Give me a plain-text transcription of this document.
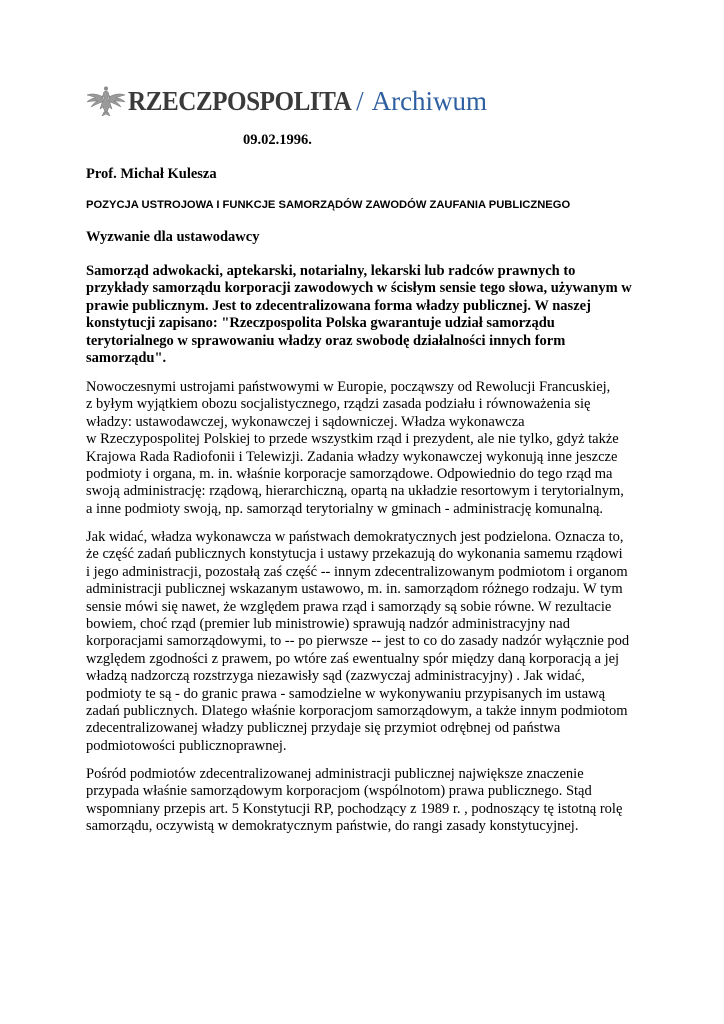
RZECZPOSPOLITA / Archiwum
09.02.1996.
Prof. Michał Kulesza
POZYCJA USTROJOWA I FUNKCJE SAMORZĄDÓW ZAWODÓW ZAUFANIA PUBLICZNEGO
Wyzwanie dla ustawodawcy
Samorząd adwokacki, aptekarski, notarialny, lekarski lub radców prawnych to
przykłady samorządu korporacji zawodowych w ścisłym sensie tego słowa, używanym w
prawie publicznym. Jest to zdecentralizowana forma władzy publicznej. W naszej
konstytucji zapisano: "Rzeczpospolita Polska gwarantuje udział samorządu
terytorialnego w sprawowaniu władzy oraz swobodę działalności innych form
samorządu".
Nowoczesnymi ustrojami państwowymi w Europie, począwszy od Rewolucji Francuskiej,
z byłym wyjątkiem obozu socjalistycznego, rządzi zasada podziału i równoważenia się
władzy: ustawodawczej, wykonawczej i sądowniczej. Władza wykonawcza
w Rzeczypospolitej Polskiej to przede wszystkim rząd i prezydent, ale nie tylko, gdyż także
Krajowa Rada Radiofonii i Telewizji. Zadania władzy wykonawczej wykonują inne jeszcze
podmioty i organa, m. in. właśnie korporacje samorządowe. Odpowiednio do tego rząd ma
swoją administrację: rządową, hierarchiczną, opartą na układzie resortowym i terytorialnym,
a inne podmioty swoją, np. samorząd terytorialny w gminach - administrację komunalną.
Jak widać, władza wykonawcza w państwach demokratycznych jest podzielona. Oznacza to,
że część zadań publicznych konstytucja i ustawy przekazują do wykonania samemu rządowi
i jego administracji, pozostałą zaś część -- innym zdecentralizowanym podmiotom i organom
administracji publicznej wskazanym ustawowo, m. in. samorządom różnego rodzaju. W tym
sensie mówi się nawet, że względem prawa rząd i samorządy są sobie równe. W rezultacie
bowiem, choć rząd (premier lub ministrowie) sprawują nadzór administracyjny nad
korporacjami samorządowymi, to -- po pierwsze -- jest to co do zasady nadzór wyłącznie pod
względem zgodności z prawem, po wtóre zaś ewentualny spór między daną korporacją a jej
władzą nadzorczą rozstrzyga niezawisły sąd (zazwyczaj administracyjny) . Jak widać,
podmioty te są - do granic prawa - samodzielne w wykonywaniu przypisanych im ustawą
zadań publicznych. Dlatego właśnie korporacjom samorządowym, a także innym podmiotom
zdecentralizowanej władzy publicznej przydaje się przymiot odrębnej od państwa
podmiotowości publicznoprawnej.
Pośród podmiotów zdecentralizowanej administracji publicznej największe znaczenie
przypada właśnie samorządowym korporacjom (wspólnotom) prawa publicznego. Stąd
wspomniany przepis art. 5 Konstytucji RP, pochodzący z 1989 r. , podnoszący tę istotną rolę
samorządu, oczywistą w demokratycznym państwie, do rangi zasady konstytucyjnej.
